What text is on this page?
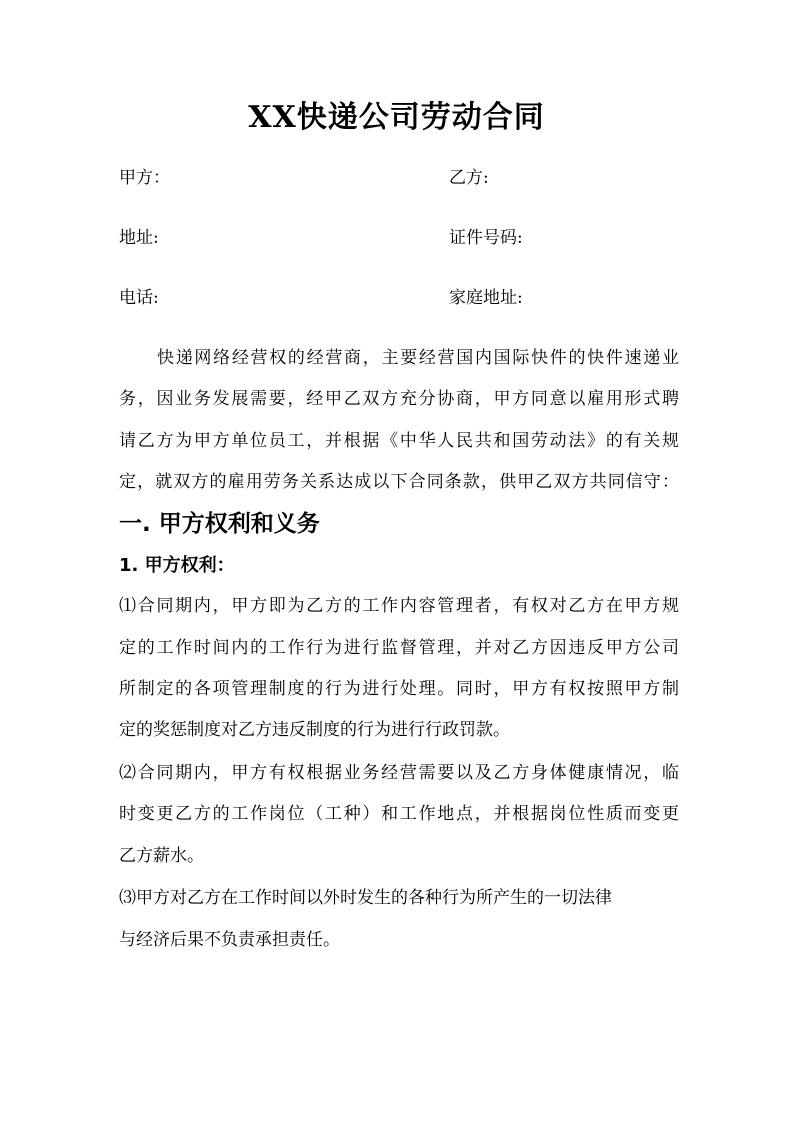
XX快递公司劳动合同
甲方：	乙方:
地址:	证件号码:
电话:	家庭地址:
快递网络经营权的经营商，主要经营国内国际快件的快件速递业
务，因业务发展需要，经甲乙双方充分协商，甲方同意以雇用形式聘
请乙方为甲方单位员工，并根据《中华人民共和国劳动法》的有关规
定，就双方的雇用劳务关系达成以下合同条款，供甲乙双方共同信守：
一. 甲方权利和义务
1. 甲方权利：
⑴合同期内，甲方即为乙方的工作内容管理者，有权对乙方在甲方规
定的工作时间内的工作行为进行监督管理，并对乙方因违反甲方公司
所制定的各项管理制度的行为进行处理。同时，甲方有权按照甲方制
定的奖惩制度对乙方违反制度的行为进行行政罚款。
⑵合同期内，甲方有权根据业务经营需要以及乙方身体健康情况，临
时变更乙方的工作岗位（工种）和工作地点，并根据岗位性质而变更
乙方薪水。
⑶甲方对乙方在工作时间以外时发生的各种行为所产生的一切法律
与经济后果不负责承担责任。
